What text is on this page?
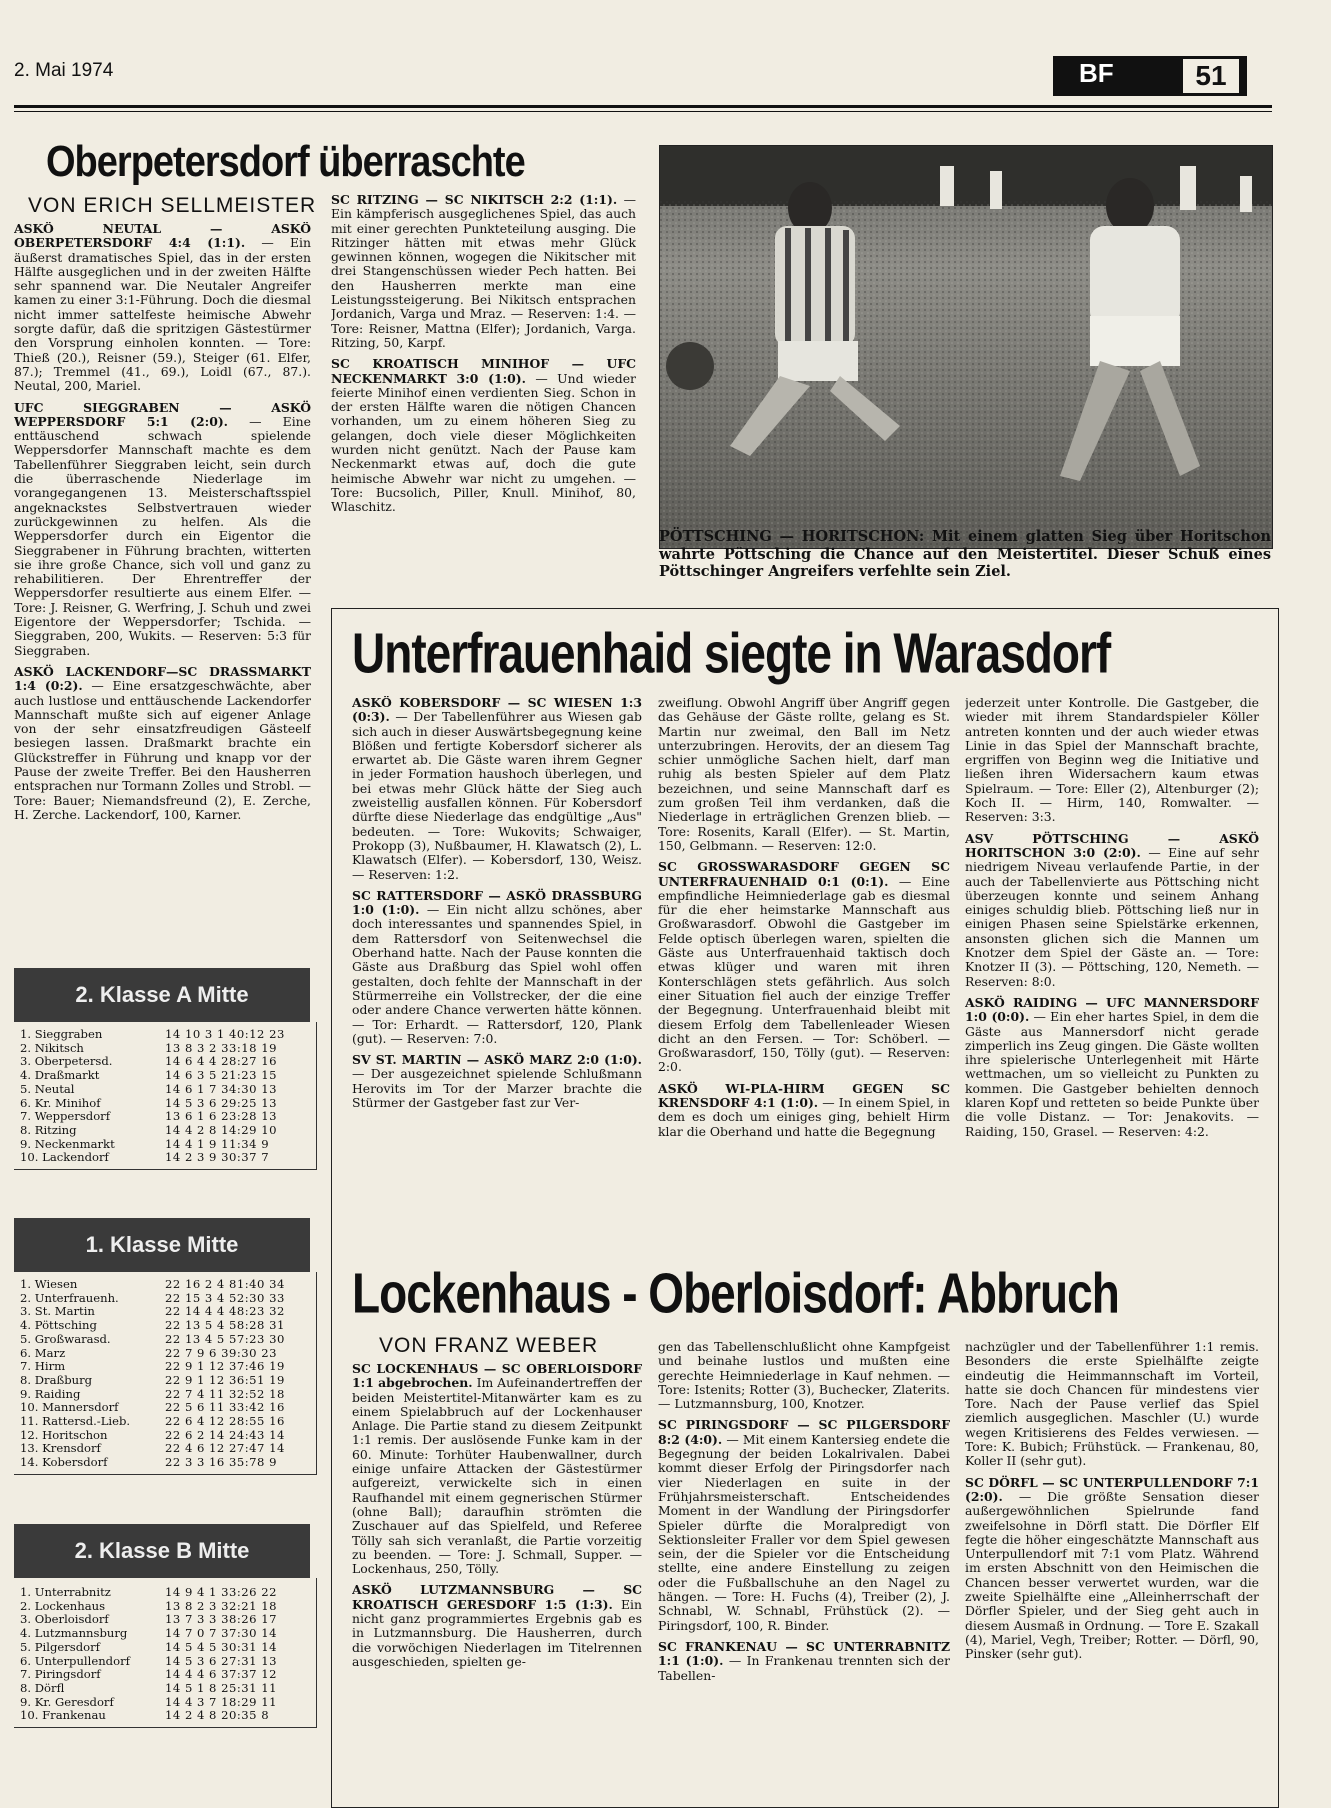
2. Mai 1974	BF	51
Oberpetersdorf überraschte
VON ERICH SELLMEISTER

ASKÖ NEUTAL — ASKÖ OBERPETERSDORF 4:4 (1:1). — Ein äußerst dramatisches Spiel, das in der ersten Hälfte ausgeglichen und in der zweiten Hälfte sehr spannend war. Die Neutaler Angreifer kamen zu einer 3:1-Führung. Doch die diesmal nicht immer sattelfeste heimische Abwehr sorgte dafür, daß die spritzigen Gästestürmer den Vorsprung einholen konnten. — Tore: Thieß (20.), Reisner (59.), Steiger (61. Elfer, 87.); Tremmel (41., 69.), Loidl (67., 87.). Neutal, 200, Mariel.

UFC SIEGGRABEN — ASKÖ WEPPERSDORF 5:1 (2:0). — Eine enttäuschend schwach spielende Weppersdorfer Mannschaft machte es dem Tabellenführer Sieggraben leicht, sein durch die überraschende Niederlage im vorangegangenen 13. Meisterschaftsspiel angeknackstes Selbstvertrauen wieder zurückgewinnen zu helfen. Als die Weppersdorfer durch ein Eigentor die Sieggrabener in Führung brachten, witterten sie ihre große Chance, sich voll und ganz zu rehabilitieren. Der Ehrentreffer der Weppersdorfer resultierte aus einem Elfer. — Tore: J. Reisner, G. Werfring, J. Schuh und zwei Eigentore der Weppersdorfer; Tschida. — Sieggraben, 200, Wukits. — Reserven: 5:3 für Sieggraben.

ASKÖ LACKENDORF—SC DRASSMARKT 1:4 (0:2). — Eine ersatzgeschwächte, aber auch lustlose und enttäuschende Lackendorfer Mannschaft mußte sich auf eigener Anlage von der sehr einsatzfreudigen Gästeelf besiegen lassen. Draßmarkt brachte ein Glückstreffer in Führung und knapp vor der Pause der zweite Treffer. Bei den Hausherren entsprachen nur Tormann Zolles und Strobl. — Tore: Bauer; Niemandsfreund (2), E. Zerche, H. Zerche. Lackendorf, 100, Karner.

SC RITZING — SC NIKITSCH 2:2 (1:1). — Ein kämpferisch ausgeglichenes Spiel, das auch mit einer gerechten Punkteteilung ausging. Die Ritzinger hätten mit etwas mehr Glück gewinnen können, wogegen die Nikitscher mit drei Stangenschüssen wieder Pech hatten. Bei den Hausherren merkte man eine Leistungssteigerung. Bei Nikitsch entsprachen Jordanich, Varga und Mraz. — Reserven: 1:4. — Tore: Reisner, Mattna (Elfer); Jordanich, Varga. Ritzing, 50, Karpf.

SC KROATISCH MINIHOF — UFC NECKENMARKT 3:0 (1:0). — Und wieder feierte Minihof einen verdienten Sieg. Schon in der ersten Hälfte waren die nötigen Chancen vorhanden, um zu einem höheren Sieg zu gelangen, doch viele dieser Möglichkeiten wurden nicht genützt. Nach der Pause kam Neckenmarkt etwas auf, doch die gute heimische Abwehr war nicht zu umgehen. — Tore: Bucsolich, Piller, Knull. Minihof, 80, Wlaschitz.

PÖTTSCHING — HORITSCHON: Mit einem glatten Sieg über Horitschon wahrte Pöttsching die Chance auf den Meistertitel. Dieser Schuß eines Pöttschinger Angreifers verfehlte sein Ziel.
Unterfrauenhaid siegte in Warasdorf

ASKÖ KOBERSDORF — SC WIESEN 1:3 (0:3). — Der Tabellenführer aus Wiesen gab sich auch in dieser Auswärtsbegegnung keine Blößen und fertigte Kobersdorf sicherer als erwartet ab. Die Gäste waren ihrem Gegner in jeder Formation haushoch überlegen, und bei etwas mehr Glück hätte der Sieg auch zweistellig ausfallen können. Für Kobersdorf dürfte diese Niederlage das endgültige „Aus" bedeuten. — Tore: Wukovits; Schwaiger, Prokopp (3), Nußbaumer, H. Klawatsch (2), L. Klawatsch (Elfer). — Kobersdorf, 130, Weisz. — Reserven: 1:2.

SC RATTERSDORF — ASKÖ DRASSBURG 1:0 (1:0). — Ein nicht allzu schönes, aber doch interessantes und spannendes Spiel, in dem Rattersdorf von Seitenwechsel die Oberhand hatte. Nach der Pause konnten die Gäste aus Draßburg das Spiel wohl offen gestalten, doch fehlte der Mannschaft in der Stürmerreihe ein Vollstrecker, der die eine oder andere Chance verwerten hätte können. — Tor: Erhardt. — Rattersdorf, 120, Plank (gut). — Reserven: 7:0.

SV ST. MARTIN — ASKÖ MARZ 2:0 (1:0). — Der ausgezeichnet spielende Schlußmann Herovits im Tor der Marzer brachte die Stürmer der Gastgeber fast zur Ver-

zweiflung. Obwohl Angriff über Angriff gegen das Gehäuse der Gäste rollte, gelang es St. Martin nur zweimal, den Ball im Netz unterzubringen. Herovits, der an diesem Tag schier unmögliche Sachen hielt, darf man ruhig als besten Spieler auf dem Platz bezeichnen, und seine Mannschaft darf es zum großen Teil ihm verdanken, daß die Niederlage in erträglichen Grenzen blieb. — Tore: Rosenits, Karall (Elfer). — St. Martin, 150, Gelbmann. — Reserven: 12:0.

SC GROSSWARASDORF GEGEN SC UNTERFRAUENHAID 0:1 (0:1). — Eine empfindliche Heimniederlage gab es diesmal für die eher heimstarke Mannschaft aus Großwarasdorf. Obwohl die Gastgeber im Felde optisch überlegen waren, spielten die Gäste aus Unterfrauenhaid taktisch doch etwas klüger und waren mit ihren Konterschlägen stets gefährlich. Aus solch einer Situation fiel auch der einzige Treffer der Begegnung. Unterfrauenhaid bleibt mit diesem Erfolg dem Tabellenleader Wiesen dicht an den Fersen. — Tor: Schöberl. — Großwarasdorf, 150, Tölly (gut). — Reserven: 2:0.

ASKÖ WI-PLA-HIRM GEGEN SC KRENSDORF 4:1 (1:0). — In einem Spiel, in dem es doch um einiges ging, behielt Hirm klar die Oberhand und hatte die Begegnung

jederzeit unter Kontrolle. Die Gastgeber, die wieder mit ihrem Standardspieler Köller antreten konnten und der auch wieder etwas Linie in das Spiel der Mannschaft brachte, ergriffen von Beginn weg die Initiative und ließen ihren Widersachern kaum etwas Spielraum. — Tore: Eller (2), Altenburger (2); Koch II. — Hirm, 140, Romwalter. — Reserven: 3:3.

ASV PÖTTSCHING — ASKÖ HORITSCHON 3:0 (2:0). — Eine auf sehr niedrigem Niveau verlaufende Partie, in der auch der Tabellenvierte aus Pöttsching nicht überzeugen konnte und seinem Anhang einiges schuldig blieb. Pöttsching ließ nur in einigen Phasen seine Spielstärke erkennen, ansonsten glichen sich die Mannen um Knotzer dem Spiel der Gäste an. — Tore: Knotzer II (3). — Pöttsching, 120, Nemeth. — Reserven: 8:0.

ASKÖ RAIDING — UFC MANNERSDORF 1:0 (0:0). — Ein eher hartes Spiel, in dem die Gäste aus Mannersdorf nicht gerade zimperlich ins Zeug gingen. Die Gäste wollten ihre spielerische Unterlegenheit mit Härte wettmachen, um so vielleicht zu Punkten zu kommen. Die Gastgeber behielten dennoch klaren Kopf und retteten so beide Punkte über die volle Distanz. — Tor: Jenakovits. — Raiding, 150, Grasel. — Reserven: 4:2.

Lockenhaus - Oberloisdorf: Abbruch
VON FRANZ WEBER

SC LOCKENHAUS — SC OBERLOISDORF 1:1 abgebrochen. Im Aufeinandertreffen der beiden Meistertitel-Mitanwärter kam es zu einem Spielabbruch auf der Lockenhauser Anlage. Die Partie stand zu diesem Zeitpunkt 1:1 remis. Der auslösende Funke kam in der 60. Minute: Torhüter Haubenwallner, durch einige unfaire Attacken der Gästestürmer aufgereizt, verwickelte sich in einen Raufhandel mit einem gegnerischen Stürmer (ohne Ball); daraufhin strömten die Zuschauer auf das Spielfeld, und Referee Tölly sah sich veranlaßt, die Partie vorzeitig zu beenden. — Tore: J. Schmall, Supper. — Lockenhaus, 250, Tölly.

ASKÖ LUTZMANNSBURG — SC KROATISCH GERESDORF 1:5 (1:3). Ein nicht ganz programmiertes Ergebnis gab es in Lutzmannsburg. Die Hausherren, durch die vorwöchigen Niederlagen im Titelrennen ausgeschieden, spielten ge-

gen das Tabellenschlußlicht ohne Kampfgeist und beinahe lustlos und mußten eine gerechte Heimniederlage in Kauf nehmen. — Tore: Istenits; Rotter (3), Buchecker, Zlaterits. — Lutzmannsburg, 100, Knotzer.

SC PIRINGSDORF — SC PILGERSDORF 8:2 (4:0). — Mit einem Kantersieg endete die Begegnung der beiden Lokalrivalen. Dabei kommt dieser Erfolg der Piringsdorfer nach vier Niederlagen en suite in der Frühjahrsmeisterschaft. Entscheidendes Moment in der Wandlung der Piringsdorfer Spieler dürfte die Moralpredigt von Sektionsleiter Fraller vor dem Spiel gewesen sein, der die Spieler vor die Entscheidung stellte, eine andere Einstellung zu zeigen oder die Fußballschuhe an den Nagel zu hängen. — Tore: H. Fuchs (4), Treiber (2), J. Schnabl, W. Schnabl, Frühstück (2). — Piringsdorf, 100, R. Binder.

SC FRANKENAU — SC UNTERRABNITZ 1:1 (1:0). — In Frankenau trennten sich der Tabellen-

nachzügler und der Tabellenführer 1:1 remis. Besonders die erste Spielhälfte zeigte eindeutig die Heimmannschaft im Vorteil, hatte sie doch Chancen für mindestens vier Tore. Nach der Pause verlief das Spiel ziemlich ausgeglichen. Maschler (U.) wurde wegen Kritisierens des Feldes verwiesen. — Tore: K. Bubich; Frühstück. — Frankenau, 80, Koller II (sehr gut).

SC DÖRFL — SC UNTERPULLENDORF 7:1 (2:0). — Die größte Sensation dieser außergewöhnlichen Spielrunde fand zweifelsohne in Dörfl statt. Die Dörfler Elf fegte die höher eingeschätzte Mannschaft aus Unterpullendorf mit 7:1 vom Platz. Während im ersten Abschnitt von den Heimischen die Chancen besser verwertet wurden, war die zweite Spielhälfte eine „Alleinherrschaft der Dörfler Spieler, und der Sieg geht auch in diesem Ausmaß in Ordnung. — Tore E. Szakall (4), Mariel, Vegh, Treiber; Rotter. — Dörfl, 90, Pinsker (sehr gut).

2. Klasse A Mitte
1. Sieggraben	14 10 3 1 40:12 23
2. Nikitsch	13 8 3 2 33:18 19
3. Oberpetersd.	14 6 4 4 28:27 16
4. Draßmarkt	14 6 3 5 21:23 15
5. Neutal	14 6 1 7 34:30 13
6. Kr. Minihof	14 5 3 6 29:25 13
7. Weppersdorf	13 6 1 6 23:28 13
8. Ritzing	14 4 2 8 14:29 10
9. Neckenmarkt	14 4 1 9 11:34 9
10. Lackendorf	14 2 3 9 30:37 7
1. Klasse Mitte
1. Wiesen	22 16 2 4 81:40 34
2. Unterfrauenh.	22 15 3 4 52:30 33
3. St. Martin	22 14 4 4 48:23 32
4. Pöttsching	22 13 5 4 58:28 31
5. Großwarasd.	22 13 4 5 57:23 30
6. Marz	22 7 9 6 39:30 23
7. Hirm	22 9 1 12 37:46 19
8. Draßburg	22 9 1 12 36:51 19
9. Raiding	22 7 4 11 32:52 18
10. Mannersdorf	22 5 6 11 33:42 16
11. Rattersd.-Lieb.	22 6 4 12 28:55 16
12. Horitschon	22 6 2 14 24:43 14
13. Krensdorf	22 4 6 12 27:47 14
14. Kobersdorf	22 3 3 16 35:78 9
2. Klasse B Mitte
1. Unterrabnitz	14 9 4 1 33:26 22
2. Lockenhaus	13 8 2 3 32:21 18
3. Oberloisdorf	13 7 3 3 38:26 17
4. Lutzmannsburg	14 7 0 7 37:30 14
5. Pilgersdorf	14 5 4 5 30:31 14
6. Unterpullendorf	14 5 3 6 27:31 13
7. Piringsdorf	14 4 4 6 37:37 12
8. Dörfl	14 5 1 8 25:31 11
9. Kr. Geresdorf	14 4 3 7 18:29 11
10. Frankenau	14 2 4 8 20:35 8
